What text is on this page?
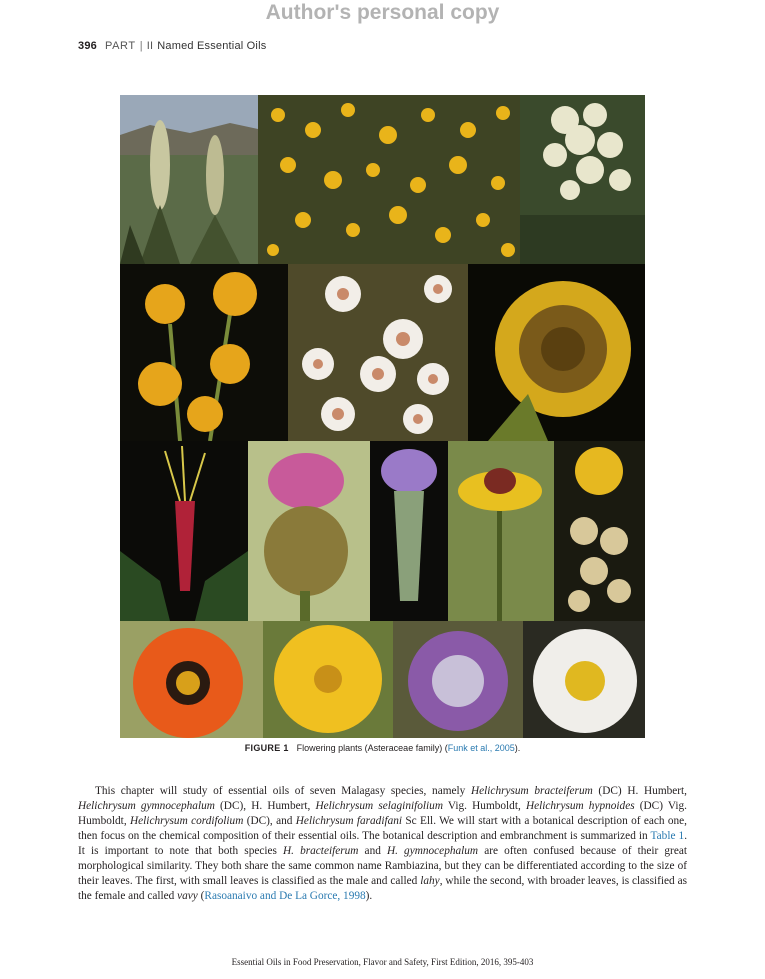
Author's personal copy
396 PART | II Named Essential Oils
FIGURE 1 Flowering plants (Asteraceae family) (Funk et al., 2005).

This chapter will study of essential oils of seven Malagasy species, namely Helichrysum bracteiferum (DC) H. Humbert, Helichrysum gymnocephalum (DC), H. Humbert, Helichrysum selaginifolium Vig. Humboldt, Helichrysum hypnoides (DC) Vig. Humboldt, Helichrysum cordifolium (DC), and Helichrysum faradifani Sc Ell. We will start with a botanical description of each one, then focus on the chemical composition of their essential oils. The botanical description and embranchment is summarized in Table 1. It is important to note that both species H. bracteiferum and H. gymnocephalum are often confused because of their great morphological similarity. They both share the same common name Rambiazina, but they can be differentiated according to the size of their leaves. The first, with small leaves is classified as the male and called lahy, while the second, with broader leaves, is classified as the female and called vavy (Rasoanaivo and De La Gorce, 1998).

Essential Oils in Food Preservation, Flavor and Safety, First Edition, 2016, 395-403
